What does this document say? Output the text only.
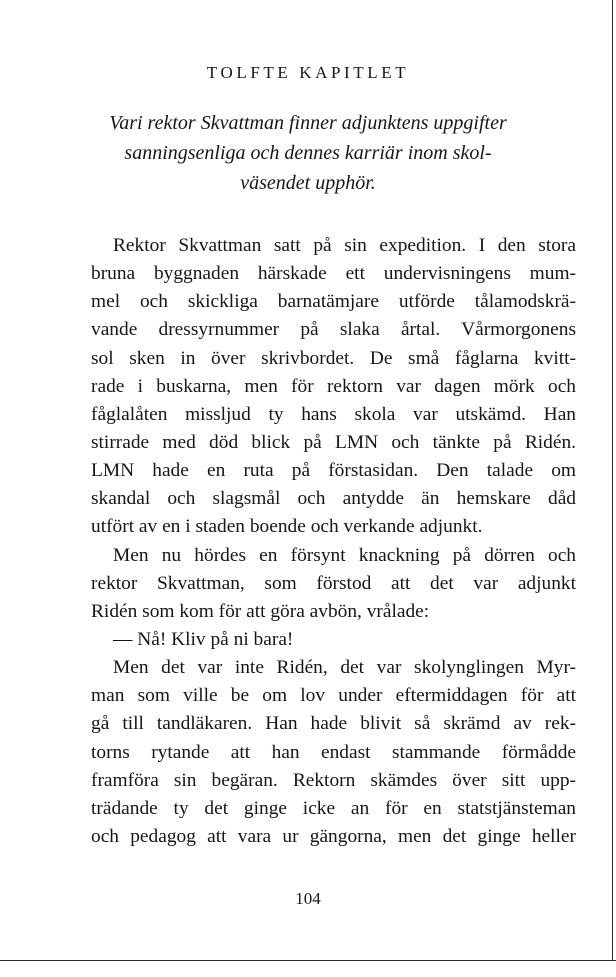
TOLFTE KAPITLET
Vari rektor Skvattman finner adjunktens uppgifter
sanningsenliga och dennes karriär inom skol-
väsendet upphör.
Rektor Skvattman satt på sin expedition. I den stora
bruna byggnaden härskade ett undervisningens mum-
mel och skickliga barnatämjare utförde tålamodskrä-
vande dressyrnummer på slaka årtal. Vårmorgonens
sol sken in över skrivbordet. De små fåglarna kvitt-
rade i buskarna, men för rektorn var dagen mörk och
fåglalåten missljud ty hans skola var utskämd. Han
stirrade med död blick på LMN och tänkte på Ridén.
LMN hade en ruta på förstasidan. Den talade om
skandal och slagsmål och antydde än hemskare dåd
utfört av en i staden boende och verkande adjunkt.
Men nu hördes en försynt knackning på dörren och
rektor Skvattman, som förstod att det var adjunkt
Ridén som kom för att göra avbön, vrålade:
— Nå! Kliv på ni bara!
Men det var inte Ridén, det var skolynglingen Myr-
man som ville be om lov under eftermiddagen för att
gå till tandläkaren. Han hade blivit så skrämd av rek-
torns rytande att han endast stammande förmådde
framföra sin begäran. Rektorn skämdes över sitt upp-
trädande ty det ginge icke an för en statstjänsteman
och pedagog att vara ur gängorna, men det ginge heller
104
